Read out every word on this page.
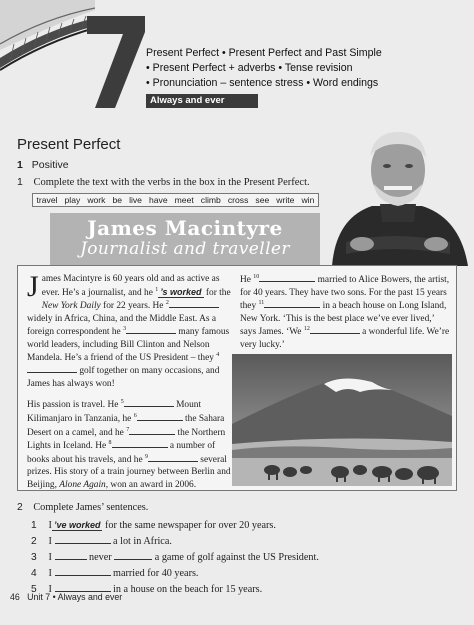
Present Perfect • Present Perfect and Past Simple
• Present Perfect + adverbs • Tense revision
• Pronunciation – sentence stress • Word endings
Always and ever
Present Perfect
1 Positive
1 Complete the text with the verbs in the box in the Present Perfect.
travel play work be live have meet climb cross see write win
James Macintyre
Journalist and traveller

James Macintyre is 60 years old and as active as ever. He’s a journalist, and he $^1$ ’s worked for the New York Daily for 22 years. He $^2$ widely in Africa, China, and the Middle East. As a foreign correspondent he $^3$	many famous world leaders, including Bill Clinton and Nelson Mandela. He’s a friend of the US President – they $^4$ golf together on many occasions, and James has always won!

His passion is travel. He $^5$	Mount Kilimanjaro in Tanzania, he $^6$	the Sahara Desert on a camel, and he $^7$	the Northern Lights in Iceland. He $^8$	a number of books about his travels, and he $^9$	several prizes. His story of a train journey between Berlin and Beijing, Alone Again, won an award in 2006.

He $^{10}$	married to Alice Bowers, the artist, for 40 years. They have two sons. For the past 15 years they $^{11}$	in a beach house on Long Island, New York. ‘This is the best place we’ve ever lived,’ says James. ‘We $^{12}$	a wonderful life. We’re very lucky.’

2 Complete James’ sentences.
1 I ’ve worked for the same newspaper for over 20 years.
2 I	a lot in Africa.
3 I	never	a game of golf against the US President.
4 I	married for 40 years.
5 I	in a house on the beach for 15 years.
46 Unit 7 • Always and ever
